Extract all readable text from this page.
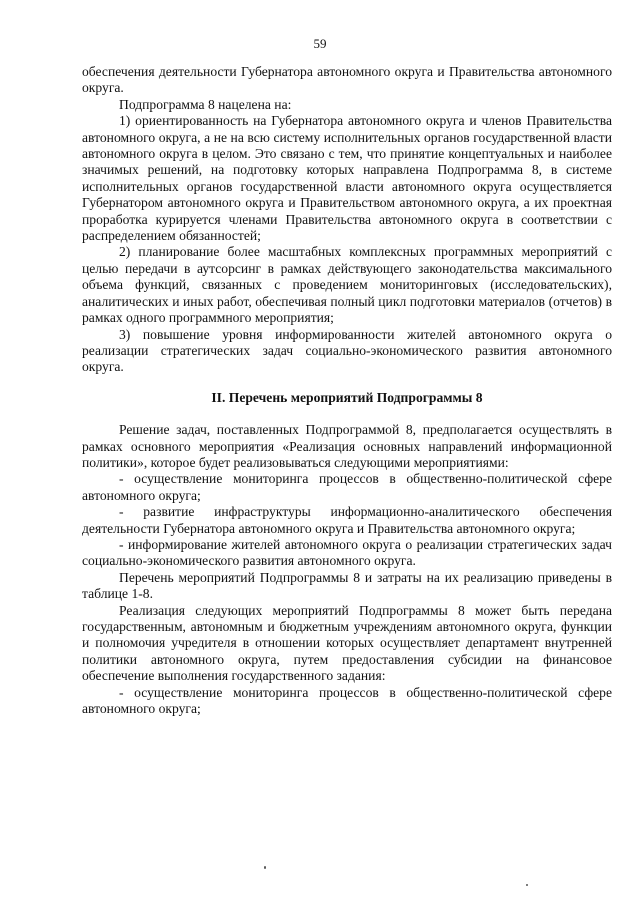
59

обеспечения деятельности Губернатора автономного округа и Правительства автономного округа.

Подпрограмма 8 нацелена на:

1) ориентированность на Губернатора автономного округа и членов Правительства автономного округа, а не на всю систему исполнительных органов государственной власти автономного округа в целом. Это связано с тем, что принятие концептуальных и наиболее значимых решений, на подготовку которых направлена Подпрограмма 8, в системе исполнительных органов государственной власти автономного округа осуществляется Губернатором автономного округа и Правительством автономного округа, а их проектная проработка курируется членами Правительства автономного округа в соответствии с распределением обязанностей;

2) планирование более масштабных комплексных программных мероприятий с целью передачи в аутсорсинг в рамках действующего законодательства максимального объема функций, связанных с проведением мониторинговых (исследовательских), аналитических и иных работ, обеспечивая полный цикл подготовки материалов (отчетов) в рамках одного программного мероприятия;

3) повышение уровня информированности жителей автономного округа о реализации стратегических задач социально-экономического развития автономного округа.

II. Перечень мероприятий Подпрограммы 8

Решение задач, поставленных Подпрограммой 8, предполагается осуществлять в рамках основного мероприятия «Реализация основных направлений информационной политики», которое будет реализовываться следующими мероприятиями:

- осуществление мониторинга процессов в общественно-политической сфере автономного округа;

- развитие инфраструктуры информационно-аналитического обеспечения деятельности Губернатора автономного округа и Правительства автономного округа;

- информирование жителей автономного округа о реализации стратегических задач социально-экономического развития автономного округа.

Перечень мероприятий Подпрограммы 8 и затраты на их реализацию приведены в таблице 1-8.

Реализация следующих мероприятий Подпрограммы 8 может быть передана государственным, автономным и бюджетным учреждениям автономного округа, функции и полномочия учредителя в отношении которых осуществляет департамент внутренней политики автономного округа, путем предоставления субсидии на финансовое обеспечение выполнения государственного задания:

- осуществление мониторинга процессов в общественно-политической сфере автономного округа;
